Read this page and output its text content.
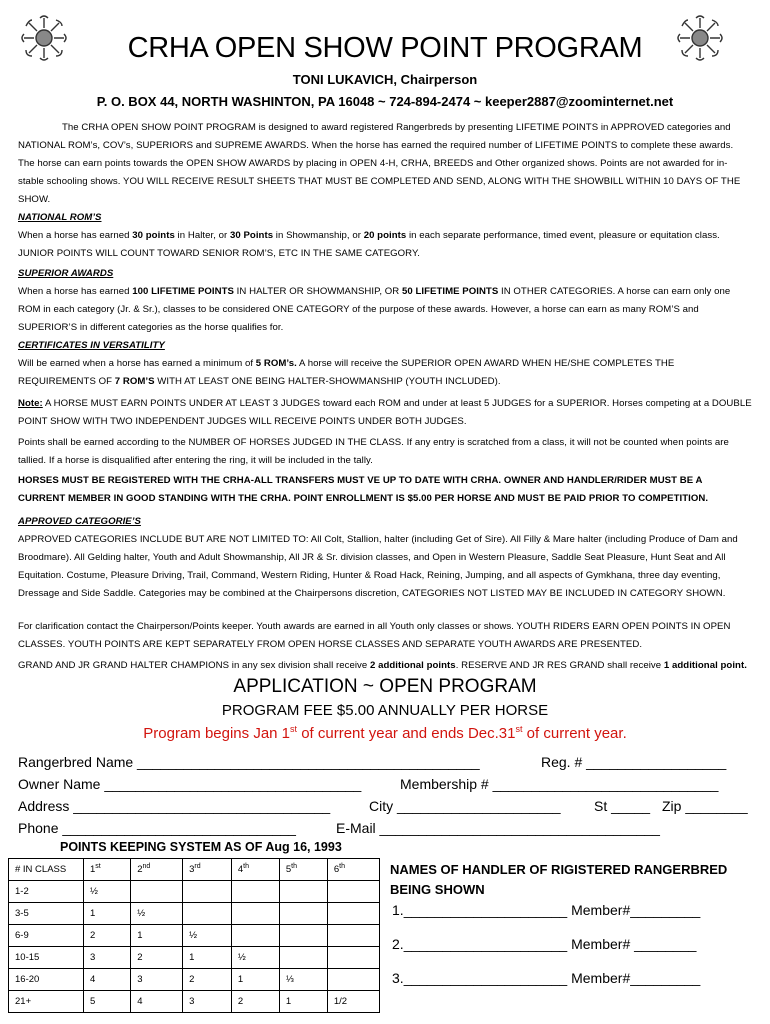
CRHA OPEN SHOW POINT PROGRAM
TONI LUKAVICH, Chairperson
P. O. BOX 44, NORTH WASHINTON, PA 16048 ~ 724-894-2474 ~ keeper2887@zoominternet.net
The CRHA OPEN SHOW POINT PROGRAM is designed to award registered Rangerbreds by presenting LIFETIME POINTS in APPROVED categories and NATIONAL ROM’s, COV’s, SUPERIORS and SUPREME AWARDS. When the horse has earned the required number of LIFETIME POINTS to complete these awards. The horse can earn points towards the OPEN SHOW AWARDS by placing in OPEN 4-H, CRHA, BREEDS and Other organized shows. Points are not awarded for in-stable schooling shows. YOU WILL RECEIVE RESULT SHEETS THAT MUST BE COMPLETED AND SEND, ALONG WITH THE SHOWBILL WITHIN 10 DAYS OF THE SHOW.
NATIONAL ROM’S
When a horse has earned 30 points in Halter, or 30 Points in Showmanship, or 20 points in each separate performance, timed event, pleasure or equitation class. JUNIOR POINTS WILL COUNT TOWARD SENIOR ROM’S, ETC IN THE SAME CATEGORY.
SUPERIOR AWARDS
When a horse has earned 100 LIFETIME POINTS IN HALTER OR SHOWMANSHIP, OR 50 LIFETIME POINTS IN OTHER CATEGORIES. A horse can earn only one ROM in each category (Jr. & Sr.), classes to be considered ONE CATEGORY of the purpose of these awards. However, a horse can earn as many ROM’S and SUPERIOR’S in different categories as the horse qualifies for.
CERTIFICATES IN VERSATILITY
Will be earned when a horse has earned a minimum of 5 ROM’s. A horse will receive the SUPERIOR OPEN AWARD WHEN HE/SHE COMPLETES THE REQUIREMENTS OF 7 ROM’S WITH AT LEAST ONE BEING HALTER-SHOWMANSHIP (YOUTH INCLUDED).
Note: A HORSE MUST EARN POINTS UNDER AT LEAST 3 JUDGES toward each ROM and under at least 5 JUDGES for a SUPERIOR. Horses competing at a DOUBLE POINT SHOW WITH TWO INDEPENDENT JUDGES WILL RECEIVE POINTS UNDER BOTH JUDGES.
Points shall be earned according to the NUMBER OF HORSES JUDGED IN THE CLASS. If any entry is scratched from a class, it will not be counted when points are tallied. If a horse is disqualified after entering the ring, it will be included in the tally.
HORSES MUST BE REGISTERED WITH THE CRHA-ALL TRANSFERS MUST VE UP TO DATE WITH CRHA. OWNER AND HANDLER/RIDER MUST BE A CURRENT MEMBER IN GOOD STANDING WITH THE CRHA. POINT ENROLLMENT IS $5.00 PER HORSE AND MUST BE PAID PRIOR TO COMPETITION.
APPROVED CATEGORIE’S
APPROVED CATEGORIES INCLUDE BUT ARE NOT LIMITED TO: All Colt, Stallion, halter (including Get of Sire). All Filly & Mare halter (including Produce of Dam and Broodmare). All Gelding halter, Youth and Adult Showmanship, All JR & Sr. division classes, and Open in Western Pleasure, Saddle Seat Pleasure, Hunt Seat and All Equitation. Costume, Pleasure Driving, Trail, Command, Western Riding, Hunter & Road Hack, Reining, Jumping, and all aspects of Gymkhana, three day eventing, Dressage and Side Saddle. Categories may be combined at the Chairpersons discretion, CATEGORIES NOT LISTED MAY BE INCLUDED IN CATEGORY SHOWN.
For clarification contact the Chairperson/Points keeper. Youth awards are earned in all Youth only classes or shows. YOUTH RIDERS EARN OPEN POINTS IN OPEN CLASSES. YOUTH POINTS ARE KEPT SEPARATELY FROM OPEN HORSE CLASSES AND SEPARATE YOUTH AWARDS ARE PRESENTED.
GRAND AND JR GRAND HALTER CHAMPIONS in any sex division shall receive 2 additional points. RESERVE AND JR RES GRAND shall receive 1 additional point.
APPLICATION ~ OPEN PROGRAM
PROGRAM FEE $5.00 ANNUALLY PER HORSE
Program begins Jan 1st of current year and ends Dec.31st of current year.
Rangerbred Name ____________________________________________	Reg. # __________________
Owner Name _________________________________	Membership # _____________________________
Address _________________________________	City _____________________ St _____ Zip ________
Phone ______________________________	E-Mail ____________________________________
POINTS KEEPING SYSTEM AS OF Aug 16, 1993
# IN CLASS	1st	2nd	3rd	4th	5th	6th
1-2	½					
3-5	1	½				
6-9	2	1	½			
10-15	3	2	1	½		
16-20	4	3	2	1	⅓	
21+	5	4	3	2	1	1/2
NAMES OF HANDLER OF RIGISTERED RANGERBRED BEING SHOWN
1._____________________ Member#_________
2._____________________ Member# ________
3._____________________ Member#_________
